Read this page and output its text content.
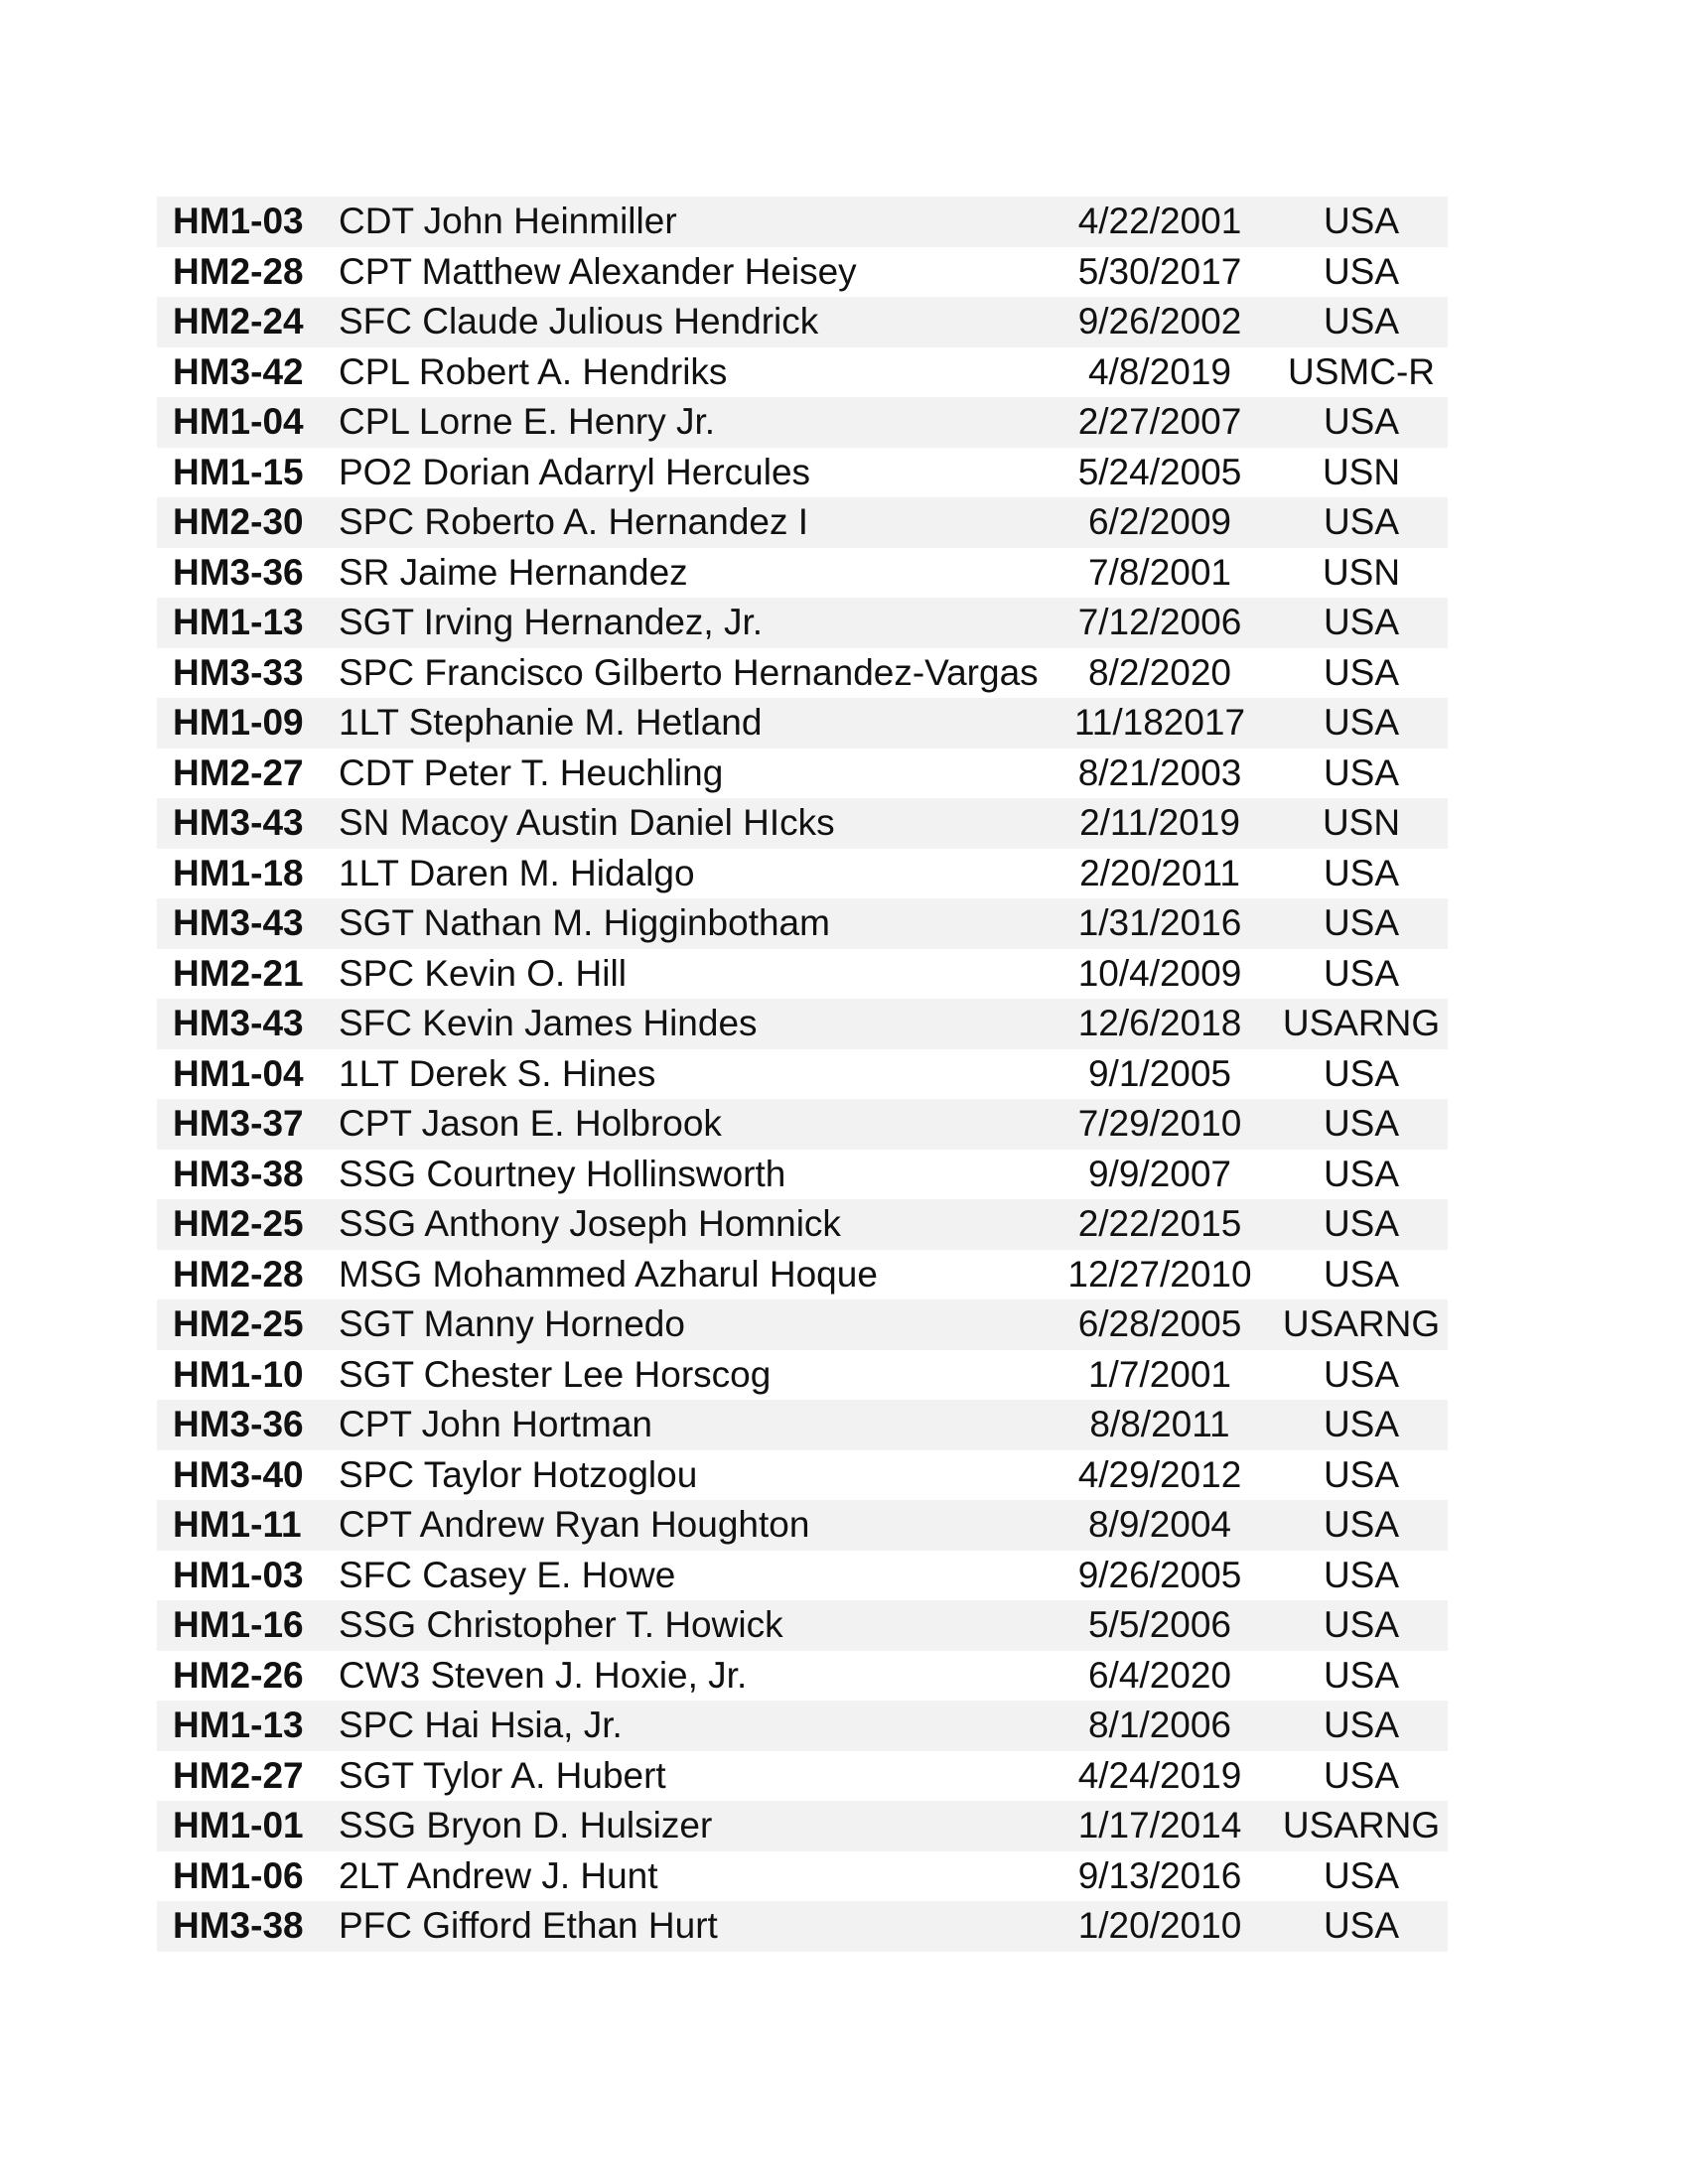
HM1-03 CDT John Heinmiller	4/22/2001	USA
HM2-28 CPT Matthew Alexander Heisey	5/30/2017	USA
HM2-24 SFC Claude Julious Hendrick	9/26/2002	USA
HM3-42 CPL Robert A. Hendriks	4/8/2019	USMC-R
HM1-04 CPL Lorne E. Henry Jr.	2/27/2007	USA
HM1-15 PO2 Dorian Adarryl Hercules	5/24/2005	USN
HM2-30 SPC Roberto A. Hernandez I	6/2/2009	USA
HM3-36 SR Jaime Hernandez	7/8/2001	USN
HM1-13 SGT Irving Hernandez, Jr.	7/12/2006	USA
HM3-33 SPC Francisco Gilberto Hernandez-Vargas	8/2/2020	USA
HM1-09 1LT Stephanie M. Hetland	11/182017	USA
HM2-27 CDT Peter T. Heuchling	8/21/2003	USA
HM3-43 SN Macoy Austin Daniel HIcks	2/11/2019	USN
HM1-18 1LT Daren M. Hidalgo	2/20/2011	USA
HM3-43 SGT Nathan M. Higginbotham	1/31/2016	USA
HM2-21 SPC Kevin O. Hill	10/4/2009	USA
HM3-43 SFC Kevin James Hindes	12/6/2018	USARNG
HM1-04 1LT Derek S. Hines	9/1/2005	USA
HM3-37 CPT Jason E. Holbrook	7/29/2010	USA
HM3-38 SSG Courtney Hollinsworth	9/9/2007	USA
HM2-25 SSG Anthony Joseph Homnick	2/22/2015	USA
HM2-28 MSG Mohammed Azharul Hoque	12/27/2010	USA
HM2-25 SGT Manny Hornedo	6/28/2005	USARNG
HM1-10 SGT Chester Lee Horscog	1/7/2001	USA
HM3-36 CPT John Hortman	8/8/2011	USA
HM3-40 SPC Taylor Hotzoglou	4/29/2012	USA
HM1-11	CPT Andrew Ryan Houghton	8/9/2004	USA
HM1-03 SFC Casey E. Howe	9/26/2005	USA
HM1-16 SSG Christopher T. Howick	5/5/2006	USA
HM2-26 CW3 Steven J. Hoxie, Jr.	6/4/2020	USA
HM1-13 SPC Hai Hsia, Jr.	8/1/2006	USA
HM2-27 SGT Tylor A. Hubert	4/24/2019	USA
HM1-01 SSG Bryon D. Hulsizer	1/17/2014	USARNG
HM1-06 2LT Andrew J. Hunt	9/13/2016	USA
HM3-38 PFC Gifford Ethan Hurt	1/20/2010	USA
